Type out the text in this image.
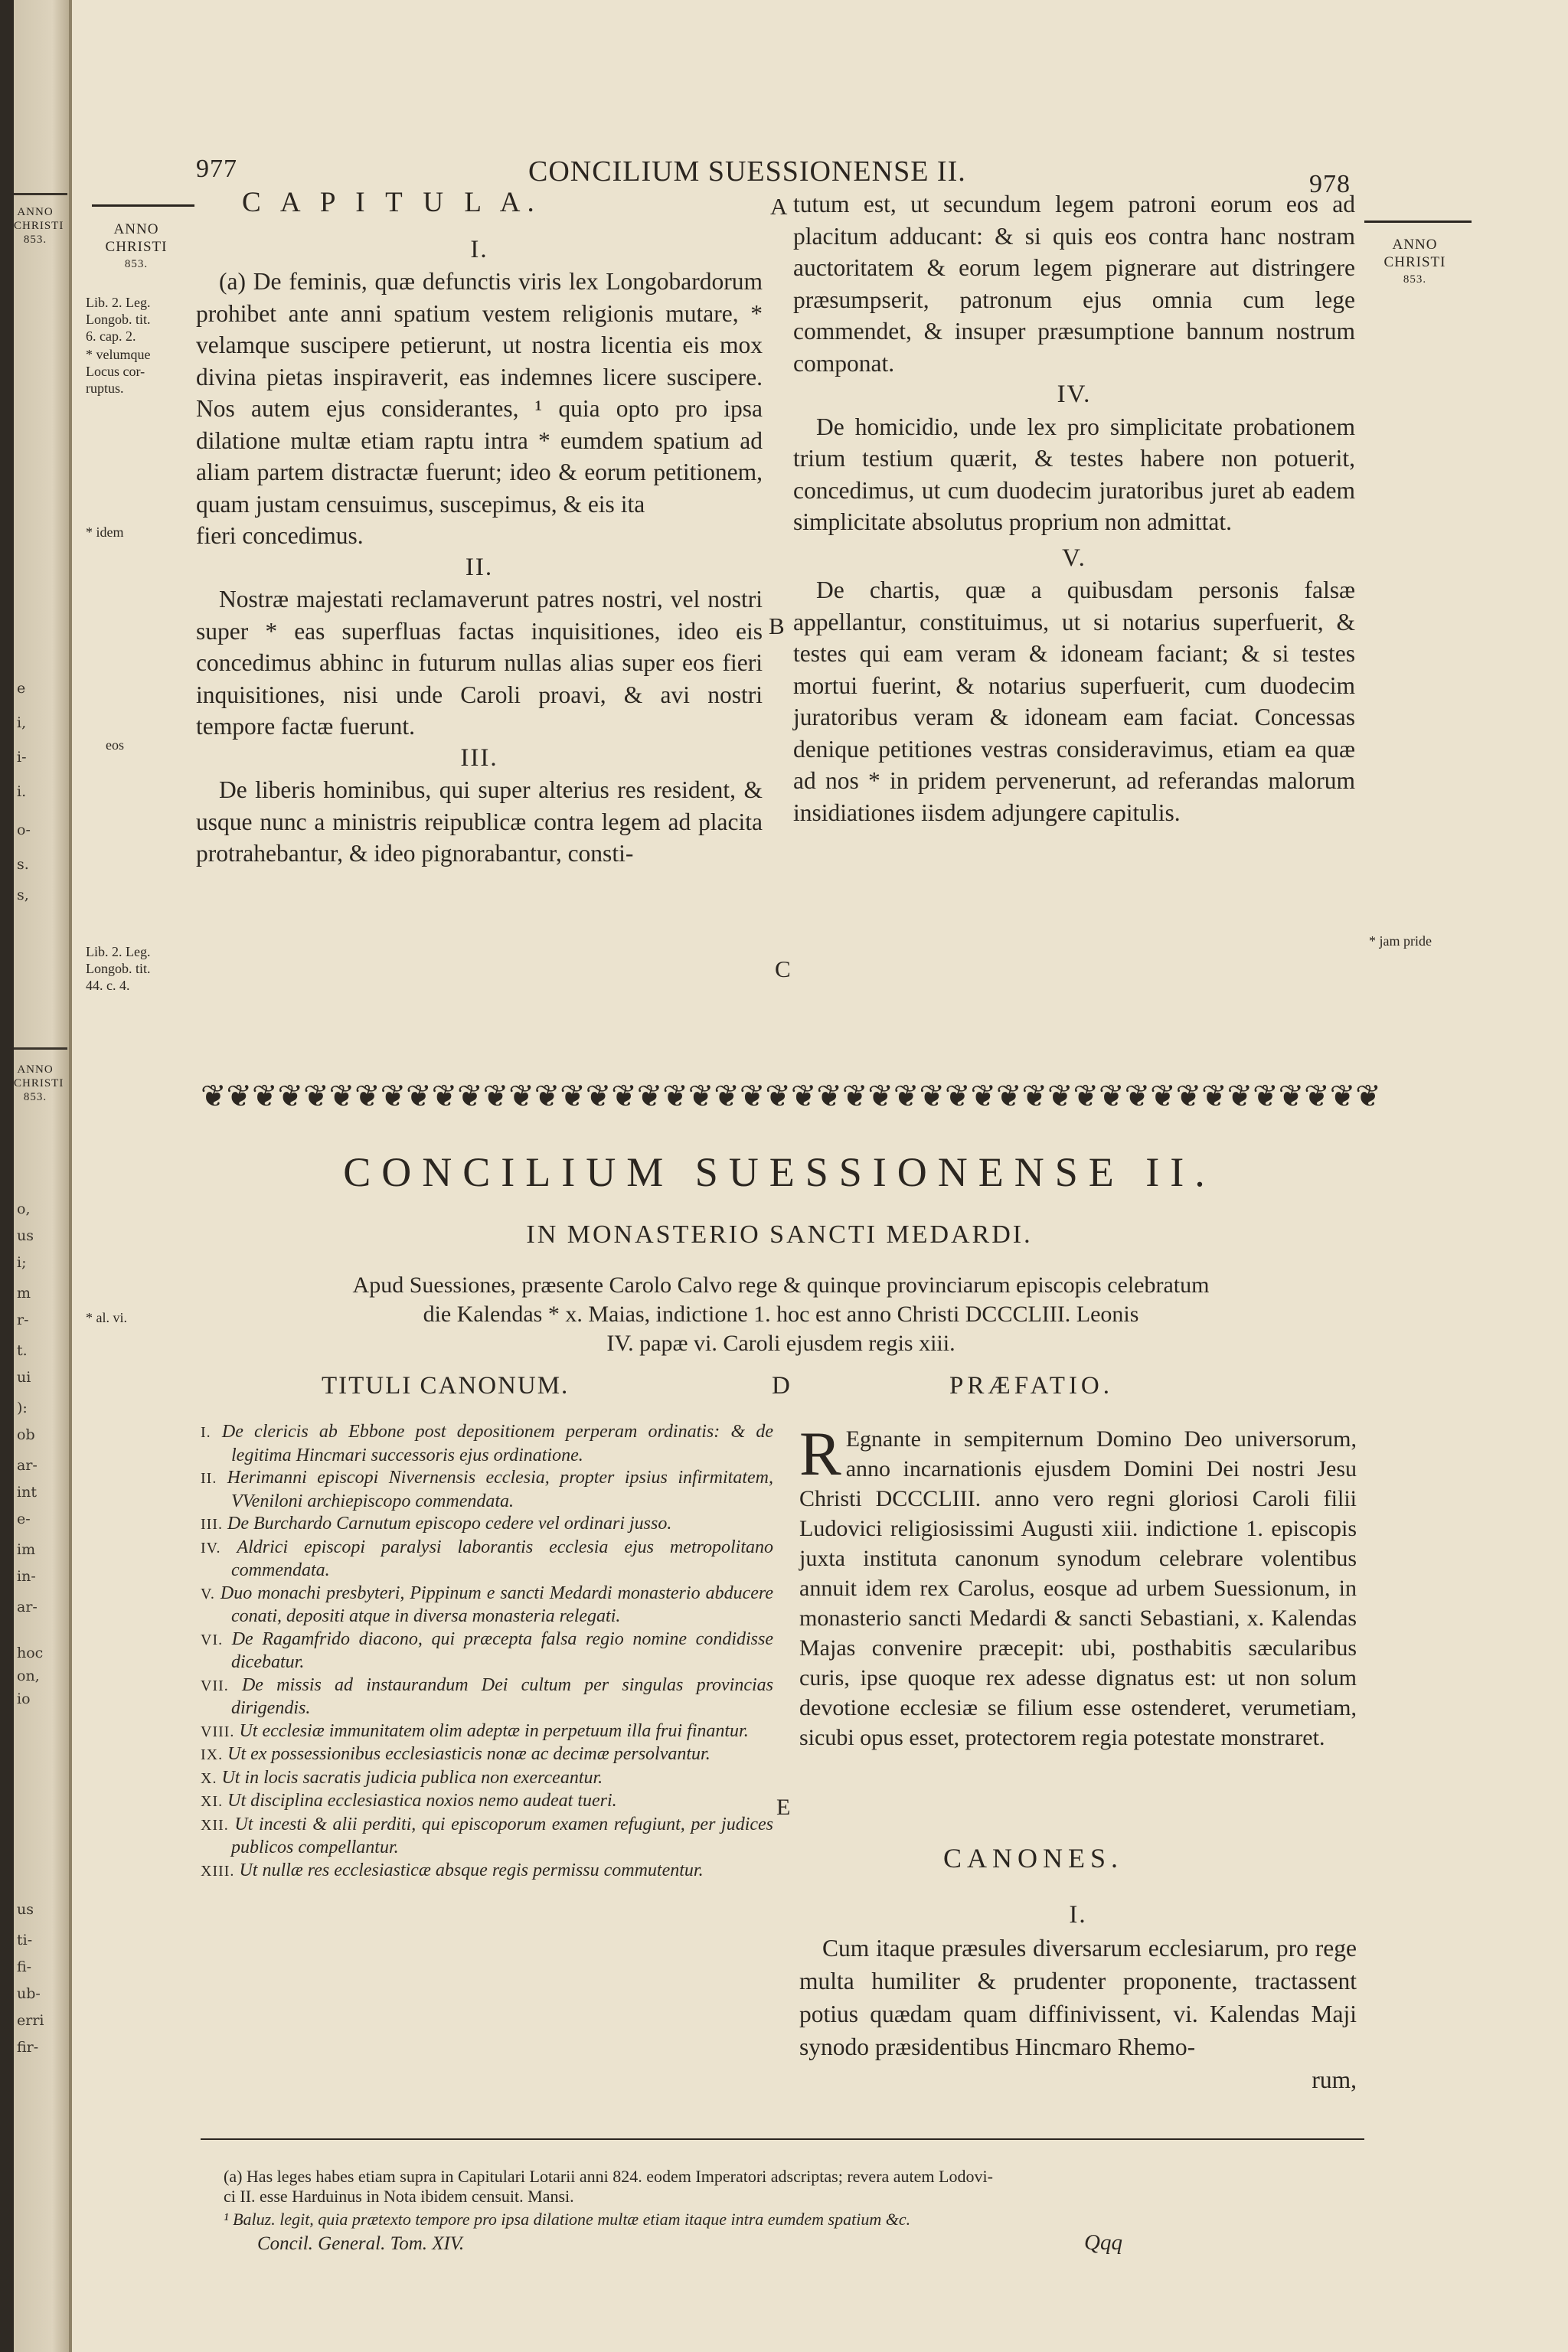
e
i,
i-
i.
o-
s.
s,
o,
us
i;
m
r-
t.
ui
):
ob
ar-
int
e-
im
in-
ar-
hoc
on,
io
us
ti-
fi-
ub-
erri
fir-
ANNO
CHRISTI
853.
ANNO
CHRISTI
853.
977	CONCILIUM SUESSIONENSE II.	978
ANNO
CHRISTI
853.
ANNO
CHRISTI
853.
Lib. 2. Leg.
Longob. tit.
6. cap. 2.
* velumque
Locus cor-
ruptus.
* idem
eos
Lib. 2. Leg.
Longob. tit.
44. c. 4.
* al. vi.
* jam pride

C A P I T U L A.

I.

(a) De feminis, quæ defunctis viris lex Longobardorum prohibet ante anni spatium vestem religionis mutare, * velamque suscipere petierunt, ut nostra licentia eis mox divina pietas inspiraverit, eas indemnes licere suscipere. Nos autem ejus considerantes, ¹ quia opto pro ipsa dilatione multæ etiam raptu intra * eumdem spatium ad aliam partem distractæ fuerunt; ideo & eorum petitionem, quam justam censuimus, suscepimus, & eis ita

fieri concedimus.

II.

Nostræ majestati reclamaverunt patres nostri, vel nostri super * eas superfluas factas inquisitiones, ideo eis concedimus abhinc in futurum nullas alias super eos fieri inquisitiones, nisi unde Caroli proavi, & avi nostri tempore factæ fuerunt.

III.

De liberis hominibus, qui super alterius res resident, & usque nunc a ministris reipublicæ contra legem ad placita protrahebantur, & ideo pignorabantur, consti-

B
C
A tutum est, ut secundum legem patroni eorum eos ad placitum adducant: & si quis eos contra hanc nostram auctoritatem & eorum legem pignerare aut distringere præsumpserit, patronum ejus omnia cum lege commendet, & insuper præsumptione bannum nostrum componat.

IV.

De homicidio, unde lex pro simplicitate probationem trium testium quærit, & testes habere non potuerit, concedimus, ut cum duodecim juratoribus juret ab eadem simplicitate absolutus proprium non admittat.

V.

De chartis, quæ a quibusdam personis falsæ appellantur, constituimus, ut si notarius superfuerit, & testes qui eam veram & idoneam faciant; & si testes mortui fuerint, & notarius superfuerit, cum duodecim juratoribus veram & idoneam eam faciat. Concessas denique petitiones vestras consideravimus, etiam ea quæ ad nos * in pridem pervenerunt, ad referandas malorum insidiationes iisdem adjungere capitulis.

❦ ❦ ❦ ❦ ❦ ❦ ❦ ❦ ❦ ❦ ❦ ❦ ❦ ❦ ❦ ❦ ❦ ❦ ❦ ❦ ❦ ❦ ❦ ❦ ❦ ❦ ❦ ❦ ❦ ❦ ❦ ❦ ❦ ❦ ❦ ❦ ❦ ❦ ❦ ❦ ❦ ❦ ❦ ❦ ❦ ❦
CONCILIUM SUESSIONENSE II.
IN MONASTERIO SANCTI MEDARDI.
Apud Suessiones, præsente Carolo Calvo rege & quinque provinciarum episcopis celebratum
die Kalendas * x. Maias, indictione 1. hoc est anno Christi DCCCLIII. Leonis
IV. papæ vi. Caroli ejusdem regis xiii.
TITULI CANONUM.	D	PRÆFATIO.

I. De clericis ab Ebbone post depositionem perperam ordinatis: & de legitima Hincmari successoris ejus ordinatione.

II. Herimanni episcopi Nivernensis ecclesia, propter ipsius infirmitatem, VVeniloni archiepiscopo commendata.

III. De Burchardo Carnutum episcopo cedere vel ordinari jusso.

IV. Aldrici episcopi paralysi laborantis ecclesia ejus metropolitano commendata.

V. Duo monachi presbyteri, Pippinum e sancti Medardi monasterio abducere conati, depositi atque in diversa monasteria relegati.

VI. De Ragamfrido diacono, qui præcepta falsa regio nomine condidisse dicebatur.

VII. De missis ad instaurandum Dei cultum per singulas provincias dirigendis.

VIII. Ut ecclesiæ immunitatem olim adeptæ in perpetuum illa frui finantur.

IX. Ut ex possessionibus ecclesiasticis nonæ ac decimæ persolvantur.

X. Ut in locis sacratis judicia publica non exerceantur.

XI. Ut disciplina ecclesiastica noxios nemo audeat tueri.

XII. Ut incesti & alii perditi, qui episcoporum examen refugiunt, per judices publicos compellantur.

XIII. Ut nullæ res ecclesiasticæ absque regis permissu commutentur.

R Egnante in sempiternum Domino Deo universorum, anno incarnationis ejusdem Domini Dei nostri Jesu Christi DCCCLIII. anno vero regni gloriosi Caroli filii Ludovici religiosissimi Augusti xiii. indictione 1. episcopis juxta instituta canonum synodum celebrare volentibus annuit idem rex Carolus, eosque ad urbem Suessionum, in monasterio sancti Medardi & sancti Sebastiani, x. Kalendas Majas convenire præcepit: ubi, posthabitis sæcularibus curis, ipse quoque rex adesse dignatus est: ut non solum devotione ecclesiæ se filium esse ostenderet, verumetiam, sicubi opus esset, protectorem regia potestate monstraret.

E
CANONES.

I.

Cum itaque præsules diversarum ecclesiarum, pro rege multa humiliter & prudenter proponente, tractassent potius quædam quam diffinivissent, vi. Kalendas Maji synodo præsidentibus Hincmaro Rhemo-

rum,

(a) Has leges habes etiam supra in Capitulari Lotarii anni 824. eodem Imperatori adscriptas; revera autem Lodovi-
ci II. esse Harduinus in Nota ibidem censuit. Mansi.
¹ Baluz. legit, quia prætexto tempore pro ipsa dilatione multæ etiam itaque intra eumdem spatium &c.
Concil. General. Tom. XIV.	Qqq
